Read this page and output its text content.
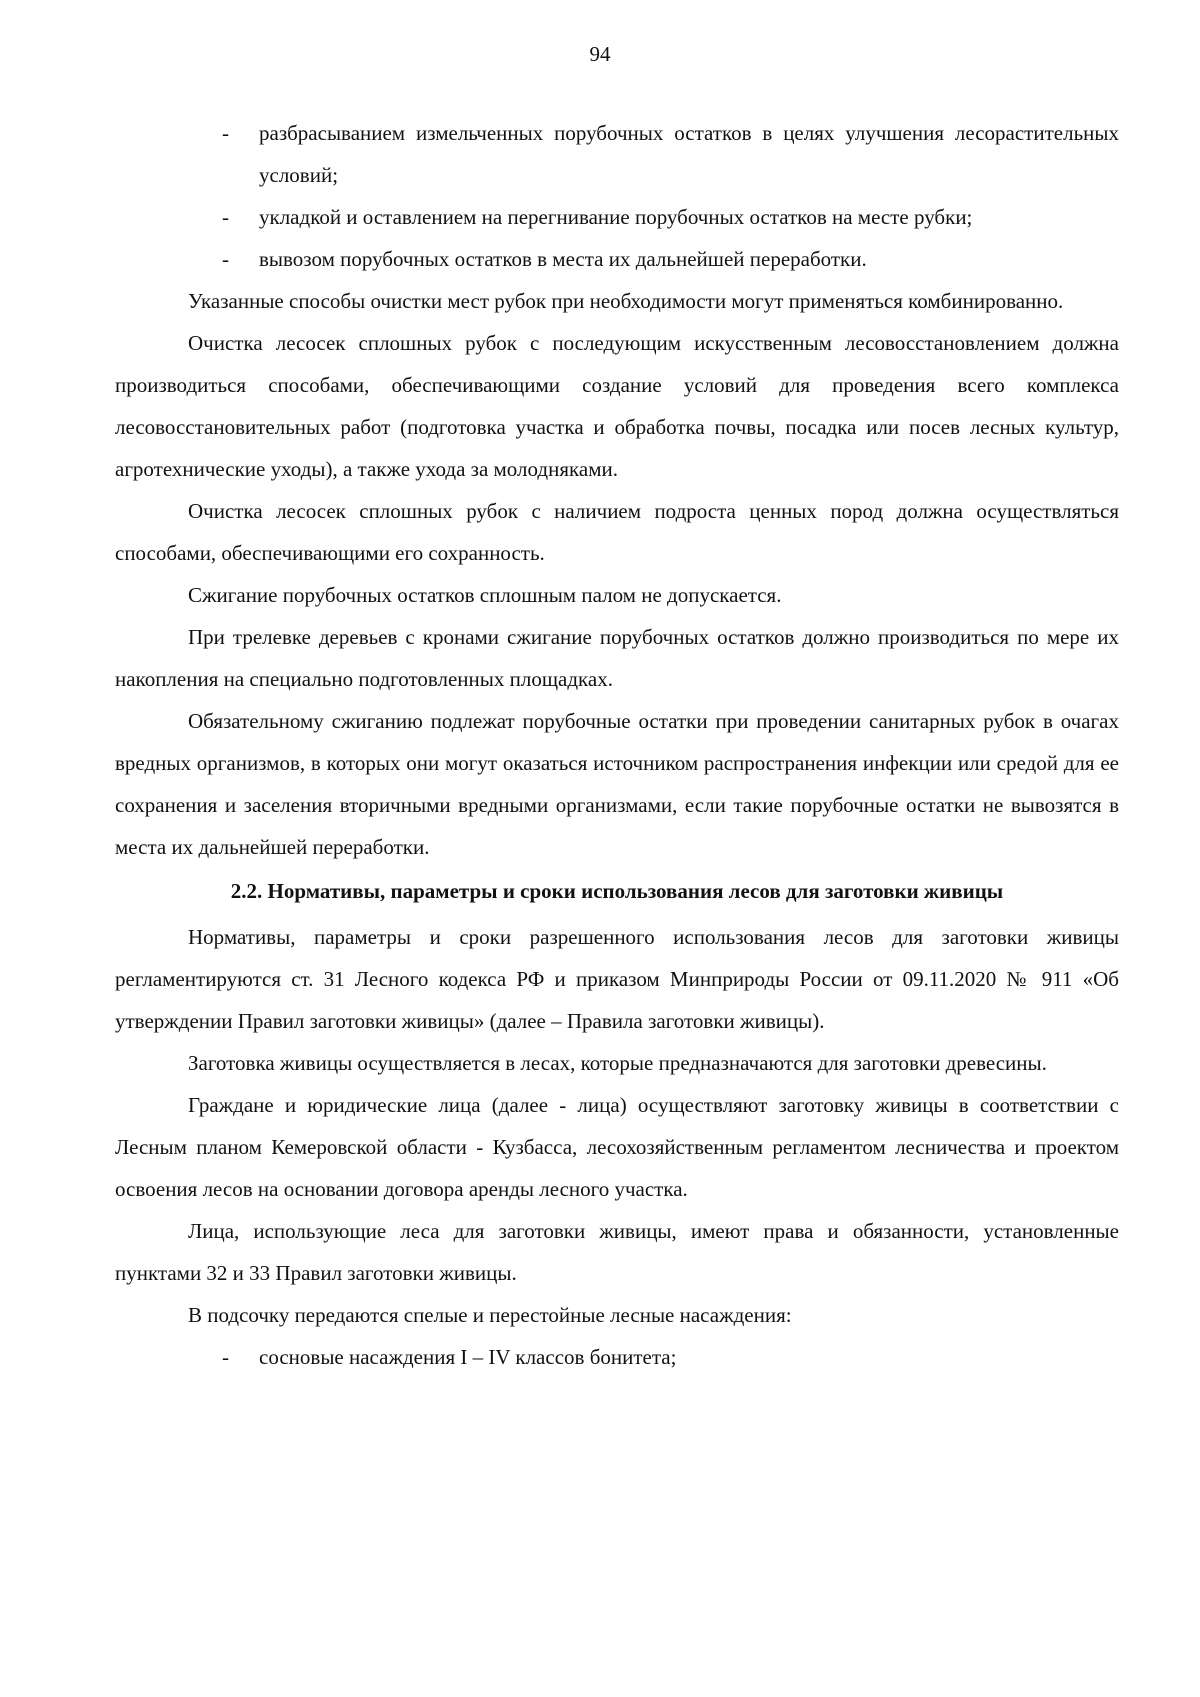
94
- разбрасыванием измельченных порубочных остатков в целях улучшения лесорастительных условий;
- укладкой и оставлением на перегнивание порубочных остатков на месте рубки;
- вывозом порубочных остатков в места их дальнейшей переработки.

Указанные способы очистки мест рубок при необходимости могут применяться комбинированно.

Очистка лесосек сплошных рубок с последующим искусственным лесовосстановлением должна производиться способами, обеспечивающими создание условий для проведения всего комплекса лесовосстановительных работ (подготовка участка и обработка почвы, посадка или посев лесных культур, агротехнические уходы), а также ухода за молодняками.

Очистка лесосек сплошных рубок с наличием подроста ценных пород должна осуществляться способами, обеспечивающими его сохранность.

Сжигание порубочных остатков сплошным палом не допускается.

При трелевке деревьев с кронами сжигание порубочных остатков должно производиться по мере их накопления на специально подготовленных площадках.

Обязательному сжиганию подлежат порубочные остатки при проведении санитарных рубок в очагах вредных организмов, в которых они могут оказаться источником распространения инфекции или средой для ее сохранения и заселения вторичными вредными организмами, если такие порубочные остатки не вывозятся в места их дальнейшей переработки.

2.2. Нормативы, параметры и сроки использования лесов для заготовки живицы

Нормативы, параметры и сроки разрешенного использования лесов для заготовки живицы регламентируются ст. 31 Лесного кодекса РФ и приказом Минприроды России от 09.11.2020 № 911 «Об утверждении Правил заготовки живицы» (далее – Правила заготовки живицы).

Заготовка живицы осуществляется в лесах, которые предназначаются для заготовки древесины.

Граждане и юридические лица (далее - лица) осуществляют заготовку живицы в соответствии с Лесным планом Кемеровской области - Кузбасса, лесохозяйственным регламентом лесничества и проектом освоения лесов на основании договора аренды лесного участка.

Лица, использующие леса для заготовки живицы, имеют права и обязанности, установленные пунктами 32 и 33 Правил заготовки живицы.

В подсочку передаются спелые и перестойные лесные насаждения:

- сосновые насаждения I – IV классов бонитета;
